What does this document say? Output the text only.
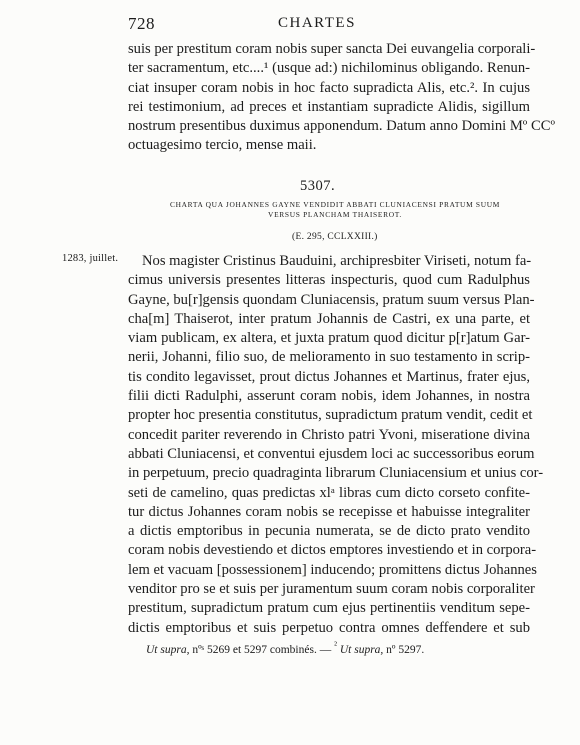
728	CHARTES
suis per prestitum coram nobis super sancta Dei euvangelia corporali-
ter sacramentum, etc....¹ (usque ad:) nichilominus obligando. Renun-
ciat insuper coram nobis in hoc facto supradicta Alis, etc.². In cujus
rei testimonium, ad preces et instantiam supradicte Alidis, sigillum
nostrum presentibus duximus apponendum. Datum anno Domini Mº CCº
octuagesimo tercio, mense maii.
5307.
CHARTA QUA JOHANNES GAYNE VENDIDIT ABBATI CLUNIACENSI PRATUM SUUM
VERSUS PLANCHAM THAISEROT.
(E. 295, CCLXXIII.)
1283, juillet.	Nos magister Cristinus Bauduini, archipresbiter Viriseti, notum fa-
cimus universis presentes litteras inspecturis, quod cum Radulphus
Gayne, bu[r]gensis quondam Cluniacensis, pratum suum versus Plan-
cha[m] Thaiserot, inter pratum Johannis de Castri, ex una parte, et
viam publicam, ex altera, et juxta pratum quod dicitur p[r]atum Gar-
nerii, Johanni, filio suo, de melioramento in suo testamento in scrip-
tis condito legavisset, prout dictus Johannes et Martinus, frater ejus,
filii dicti Radulphi, asserunt coram nobis, idem Johannes, in nostra
propter hoc presentia constitutus, supradictum pratum vendit, cedit et
concedit pariter reverendo in Christo patri Yvoni, miseratione divina
abbati Cluniacensi, et conventui ejusdem loci ac successoribus eorum
in perpetuum, precio quadraginta librarum Cluniacensium et unius cor-
seti de camelino, quas predictas xlᵃ libras cum dicto corseto confite-
tur dictus Johannes coram nobis se recepisse et habuisse integraliter
a dictis emptoribus in pecunia numerata, se de dicto prato vendito
coram nobis devestiendo et dictos emptores investiendo et in corpora-
lem et vacuam [possessionem] inducendo; promittens dictus Johannes
venditor pro se et suis per juramentum suum coram nobis corporaliter
prestitum, supradictum pratum cum ejus pertinentiis venditum sepe-
dictis emptoribus et suis perpetuo contra omnes deffendere et sub
Ut supra, nºˢ 5269 et 5297 combinés. — $^{^2}$ Ut supra, nº 5297.
